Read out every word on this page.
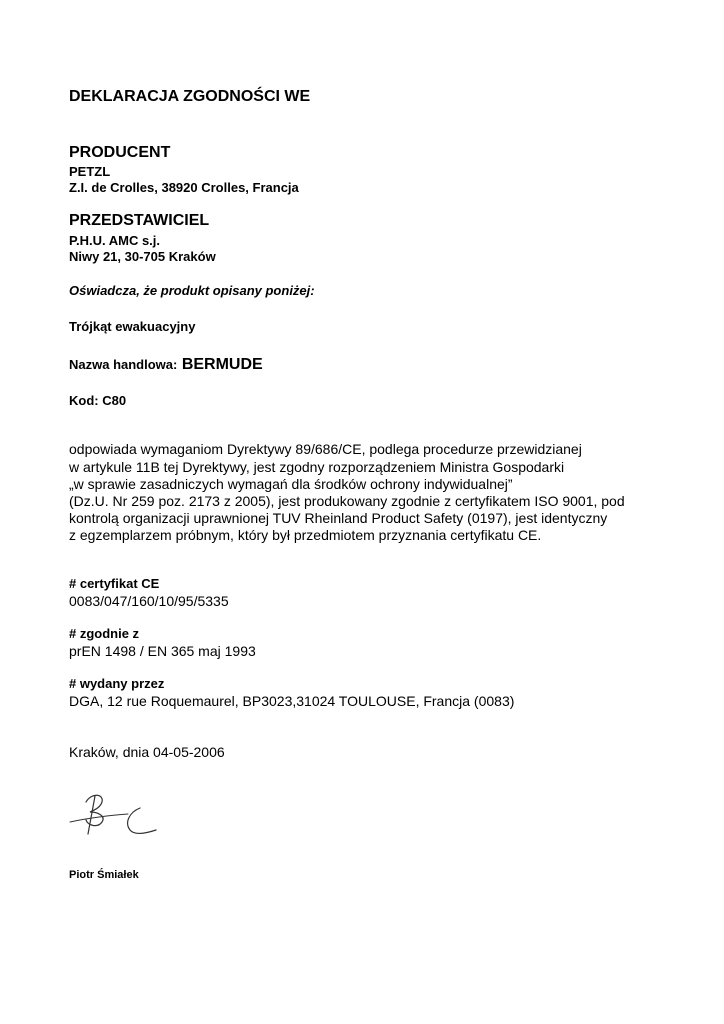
DEKLARACJA ZGODNOŚCI WE

PRODUCENT

PETZL

Z.I. de Crolles, 38920 Crolles, Francja

PRZEDSTAWICIEL

P.H.U. AMC s.j.

Niwy 21, 30-705 Kraków

Oświadcza, że produkt opisany poniżej:

Trójkąt ewakuacyjny

Nazwa handlowa: BERMUDE

Kod: C80

odpowiada wymaganiom Dyrektywy 89/686/CE, podlega procedurze przewidzianej
w artykule 11B tej Dyrektywy, jest zgodny rozporządzeniem Ministra Gospodarki
„w sprawie zasadniczych wymagań dla środków ochrony indywidualnej”
(Dz.U. Nr 259 poz. 2173 z 2005), jest produkowany zgodnie z certyfikatem ISO 9001, pod
kontrolą organizacji uprawnionej TUV Rheinland Product Safety (0197), jest identyczny
z egzemplarzem próbnym, który był przedmiotem przyznania certyfikatu CE.

# certyfikat CE

0083/047/160/10/95/5335

# zgodnie z

prEN 1498 / EN 365 maj 1993

# wydany przez

DGA, 12 rue Roquemaurel, BP3023,31024 TOULOUSE, Francja (0083)

Kraków, dnia 04-05-2006

Piotr Śmiałek
